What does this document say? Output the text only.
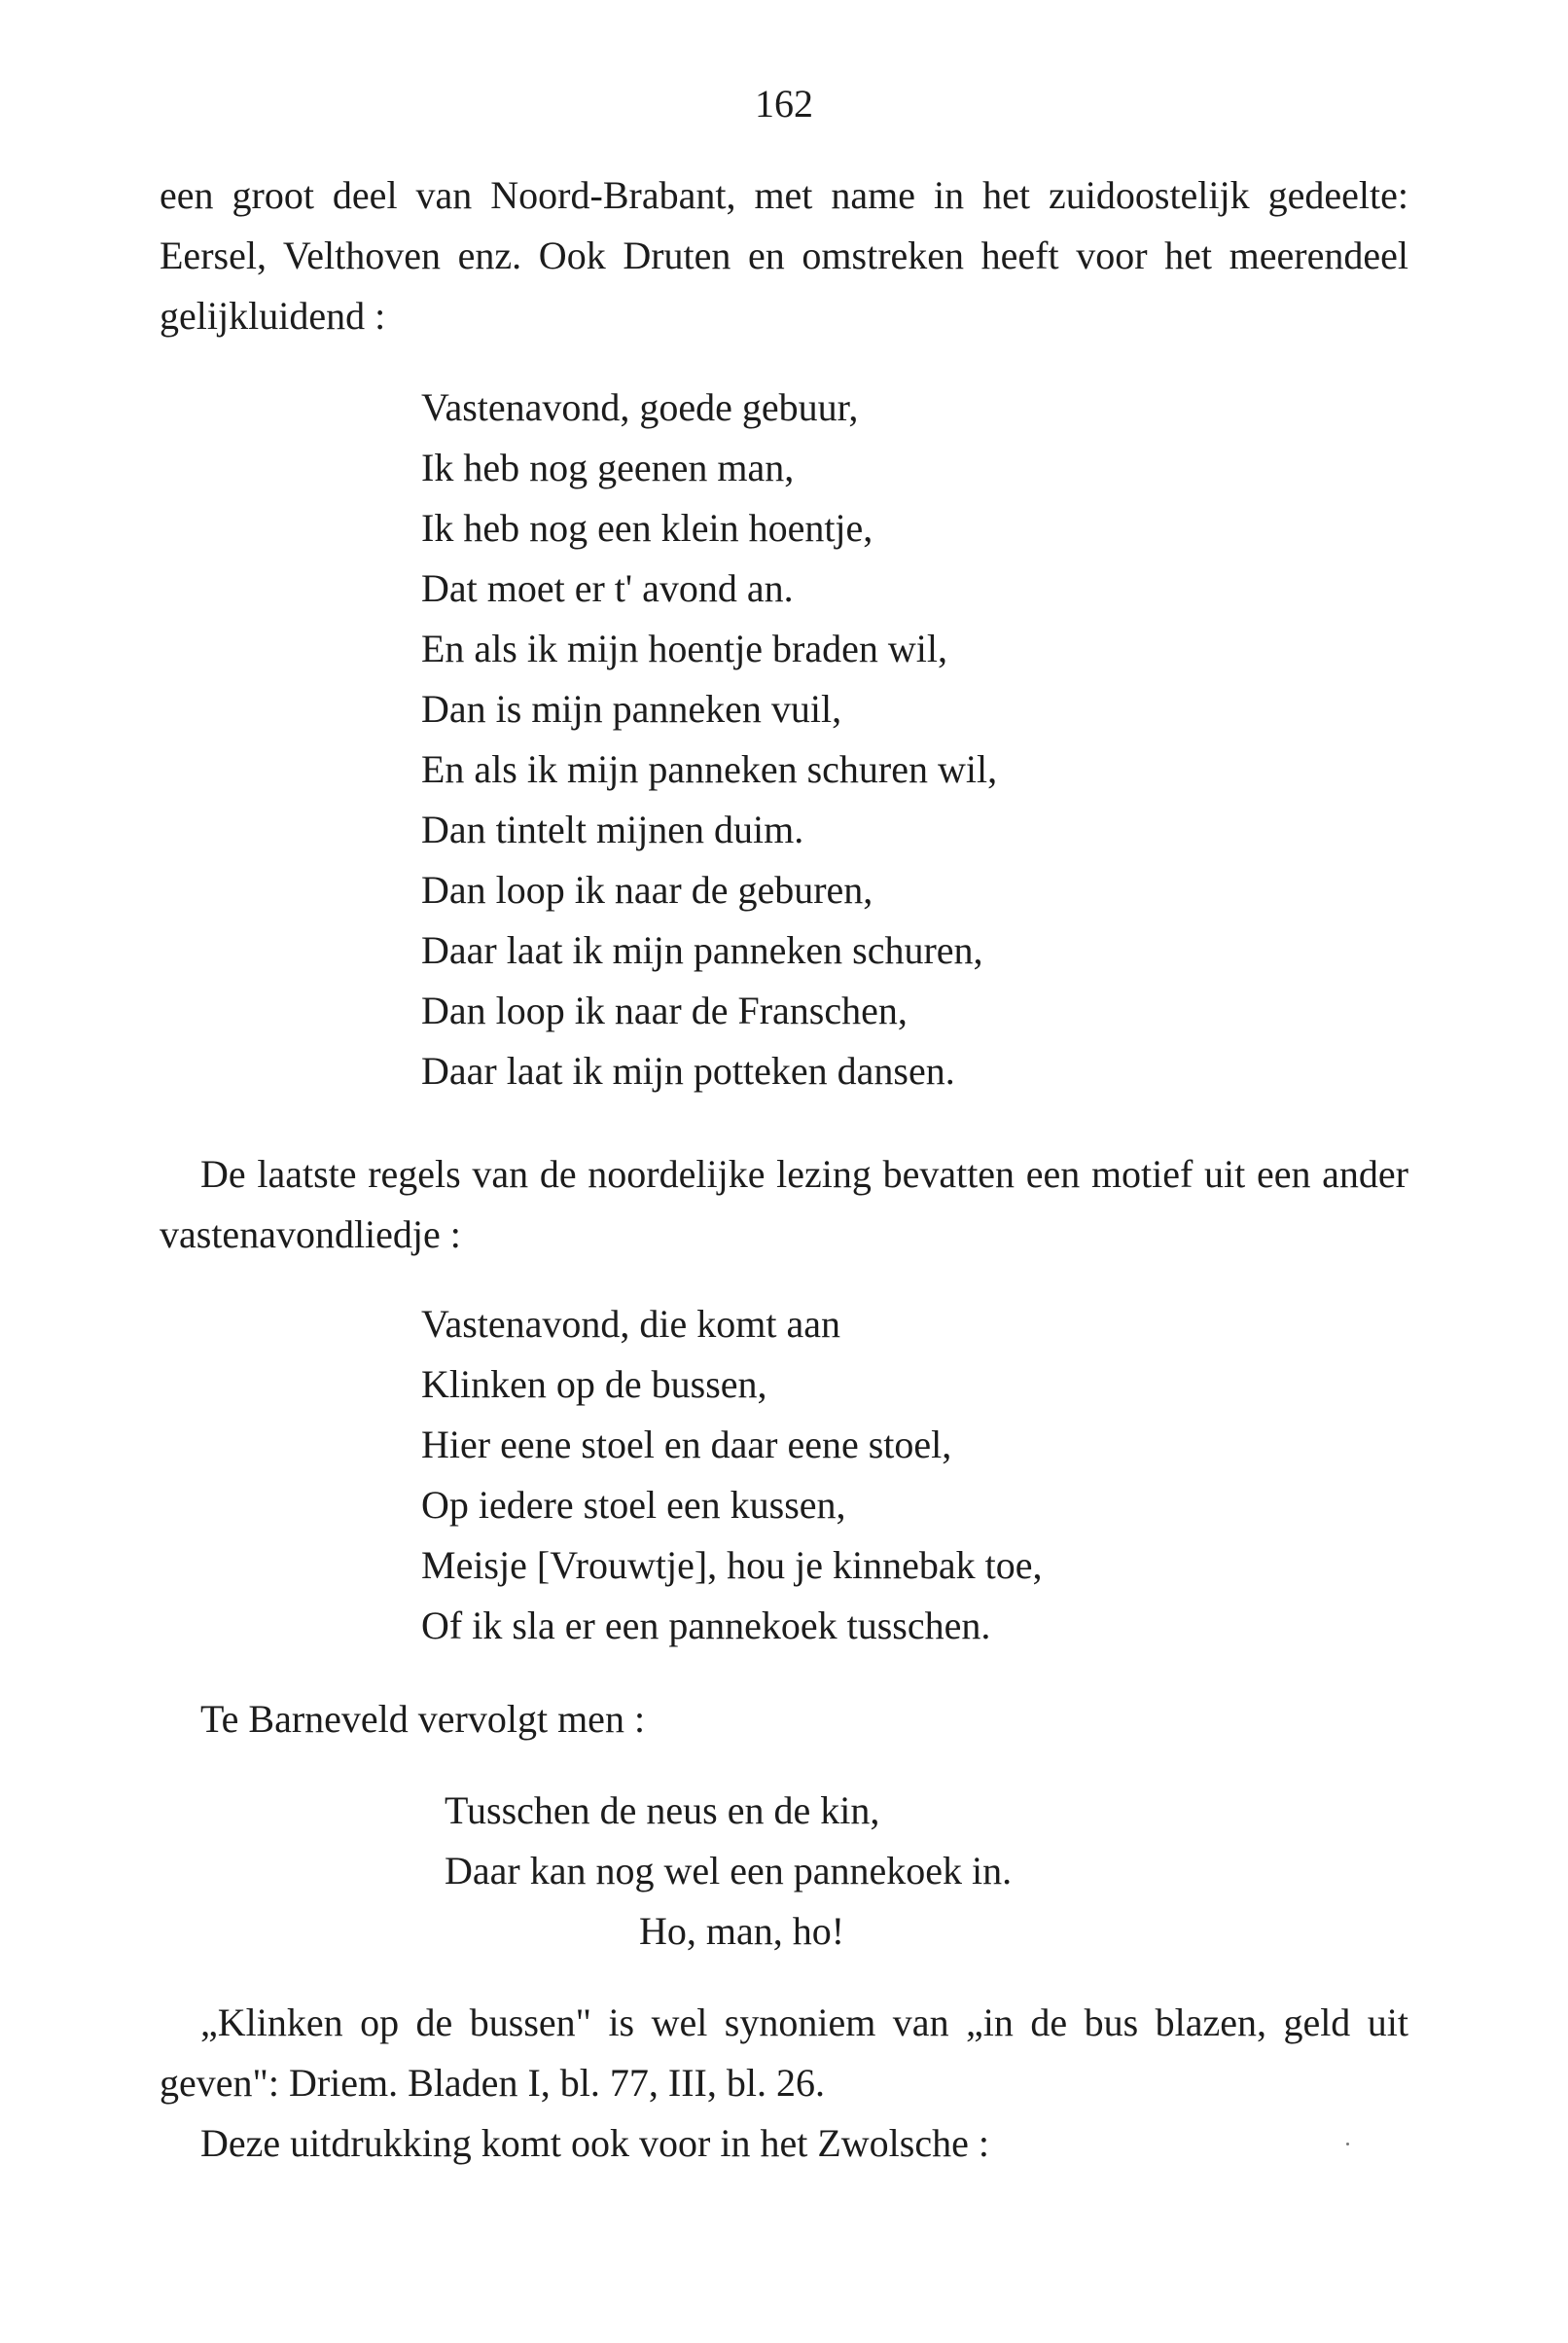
162

een groot deel van Noord-Brabant, met name in het zuidoostelijk gedeelte: Eersel, Velthoven enz. Ook Druten en omstreken heeft voor het meerendeel gelijkluidend :

Vastenavond, goede gebuur,
Ik heb nog geenen man,
Ik heb nog een klein hoentje,
Dat moet er t' avond an.
En als ik mijn hoentje braden wil,
Dan is mijn panneken vuil,
En als ik mijn panneken schuren wil,
Dan tintelt mijnen duim.
Dan loop ik naar de geburen,
Daar laat ik mijn panneken schuren,
Dan loop ik naar de Franschen,
Daar laat ik mijn potteken dansen.

De laatste regels van de noordelijke lezing bevatten een motief uit een ander vastenavondliedje :

Vastenavond, die komt aan
Klinken op de bussen,
Hier eene stoel en daar eene stoel,
Op iedere stoel een kussen,
Meisje [Vrouwtje], hou je kinnebak toe,
Of ik sla er een pannekoek tusschen.

Te Barneveld vervolgt men :

Tusschen de neus en de kin,
Daar kan nog wel een pannekoek in.
Ho, man, ho!

„Klinken op de bussen" is wel synoniem van „in de bus blazen, geld uit geven": Driem. Bladen I, bl. 77, III, bl. 26.

Deze uitdrukking komt ook voor in het Zwolsche :
